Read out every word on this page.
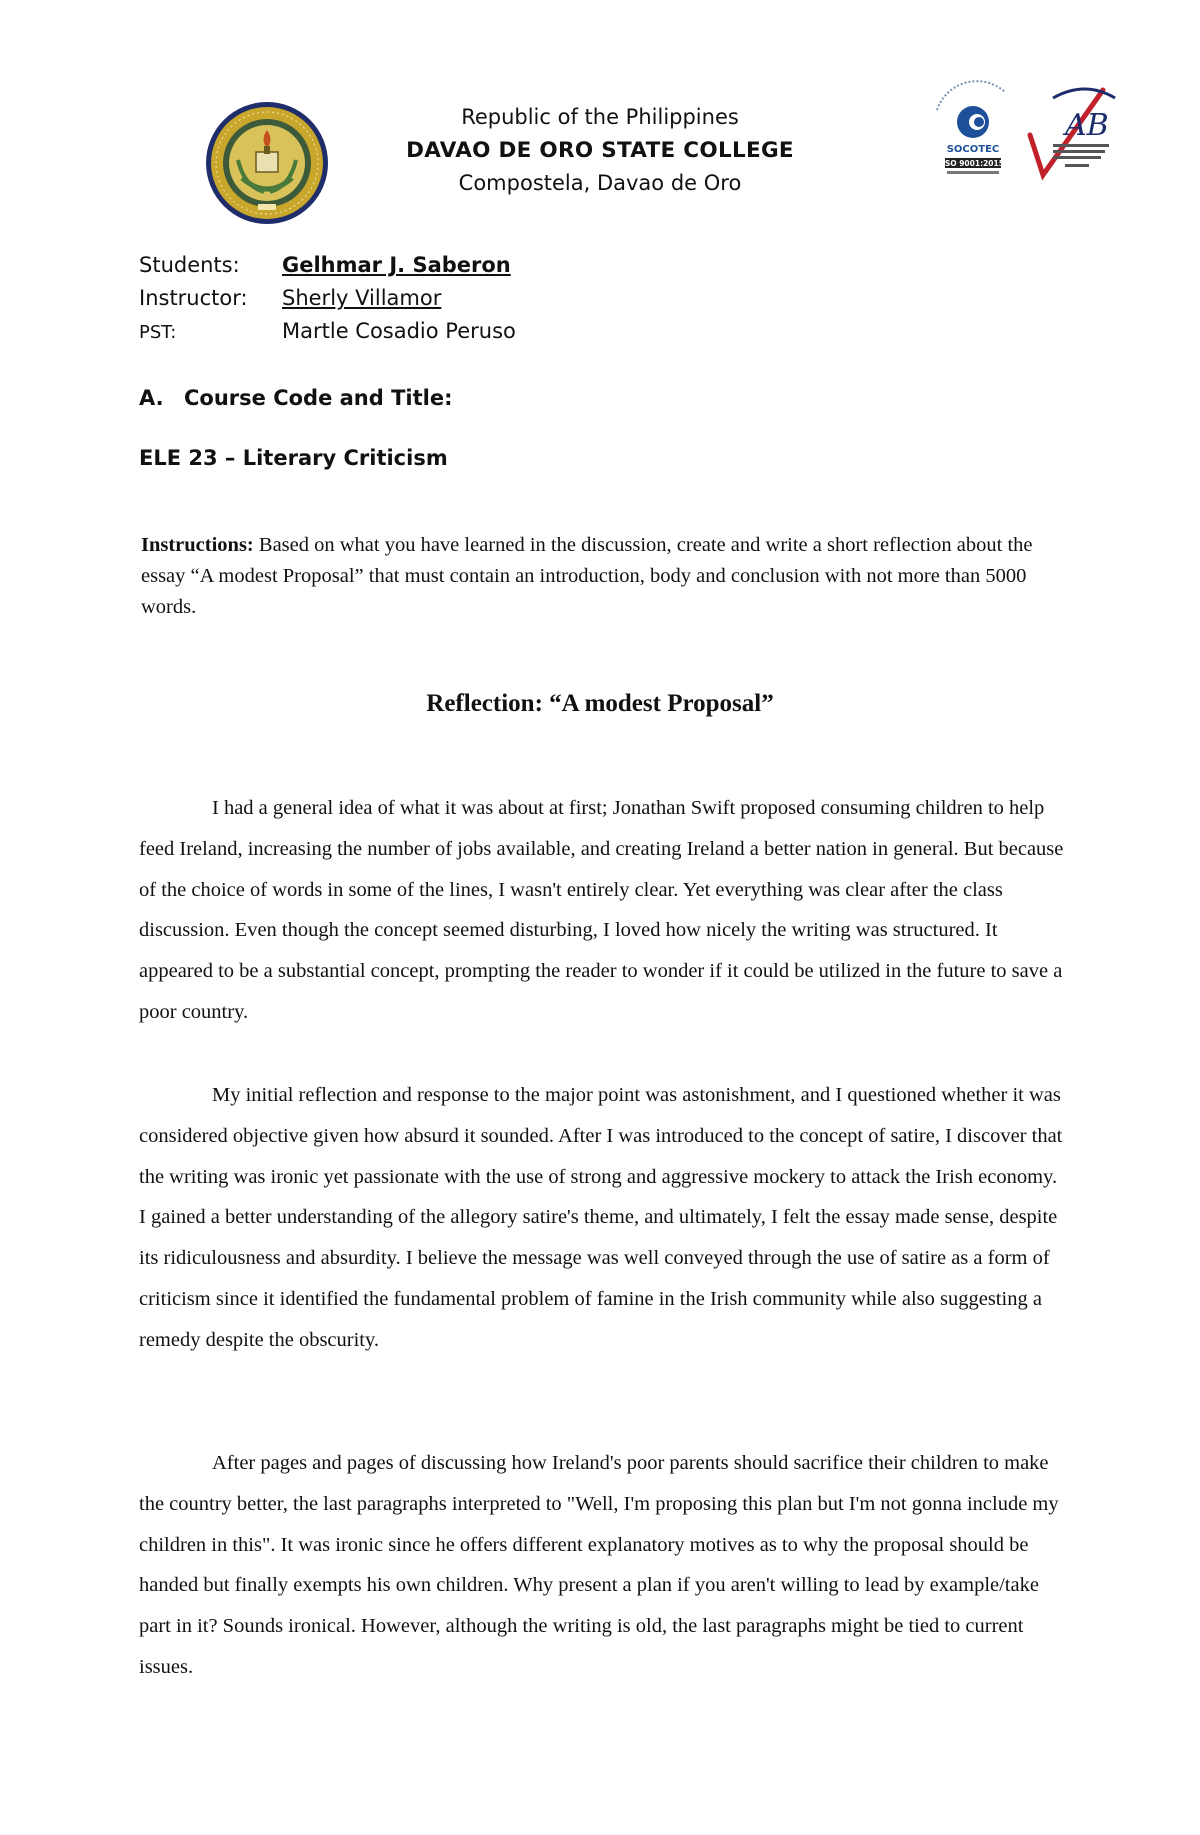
SOCOTEC
ISO 9001:2015
AB
Republic of the Philippines
DAVAO DE ORO STATE COLLEGE
Compostela, Davao de Oro
Students:	Gelhmar J. Saberon
Instructor:	Sherly Villamor
PST:	Martle Cosadio Peruso
A. Course Code and Title:
ELE 23 – Literary Criticism
Instructions: Based on what you have learned in the discussion, create and write a short reflection about the essay “A modest Proposal” that must contain an introduction, body and conclusion with not more than 5000 words.
Reflection: “A modest Proposal”

I had a general idea of what it was about at first; Jonathan Swift proposed consuming children to help feed Ireland, increasing the number of jobs available, and creating Ireland a better nation in general. But because of the choice of words in some of the lines, I wasn't entirely clear. Yet everything was clear after the class discussion. Even though the concept seemed disturbing, I loved how nicely the writing was structured. It appeared to be a substantial concept, prompting the reader to wonder if it could be utilized in the future to save a poor country.

My initial reflection and response to the major point was astonishment, and I questioned whether it was considered objective given how absurd it sounded. After I was introduced to the concept of satire, I discover that the writing was ironic yet passionate with the use of strong and aggressive mockery to attack the Irish economy. I gained a better understanding of the allegory satire's theme, and ultimately, I felt the essay made sense, despite its ridiculousness and absurdity. I believe the message was well conveyed through the use of satire as a form of criticism since it identified the fundamental problem of famine in the Irish community while also suggesting a remedy despite the obscurity.

After pages and pages of discussing how Ireland's poor parents should sacrifice their children to make the country better, the last paragraphs interpreted to "Well, I'm proposing this plan but I'm not gonna include my children in this". It was ironic since he offers different explanatory motives as to why the proposal should be handed but finally exempts his own children. Why present a plan if you aren't willing to lead by example/take part in it? Sounds ironical. However, although the writing is old, the last paragraphs might be tied to current issues.
